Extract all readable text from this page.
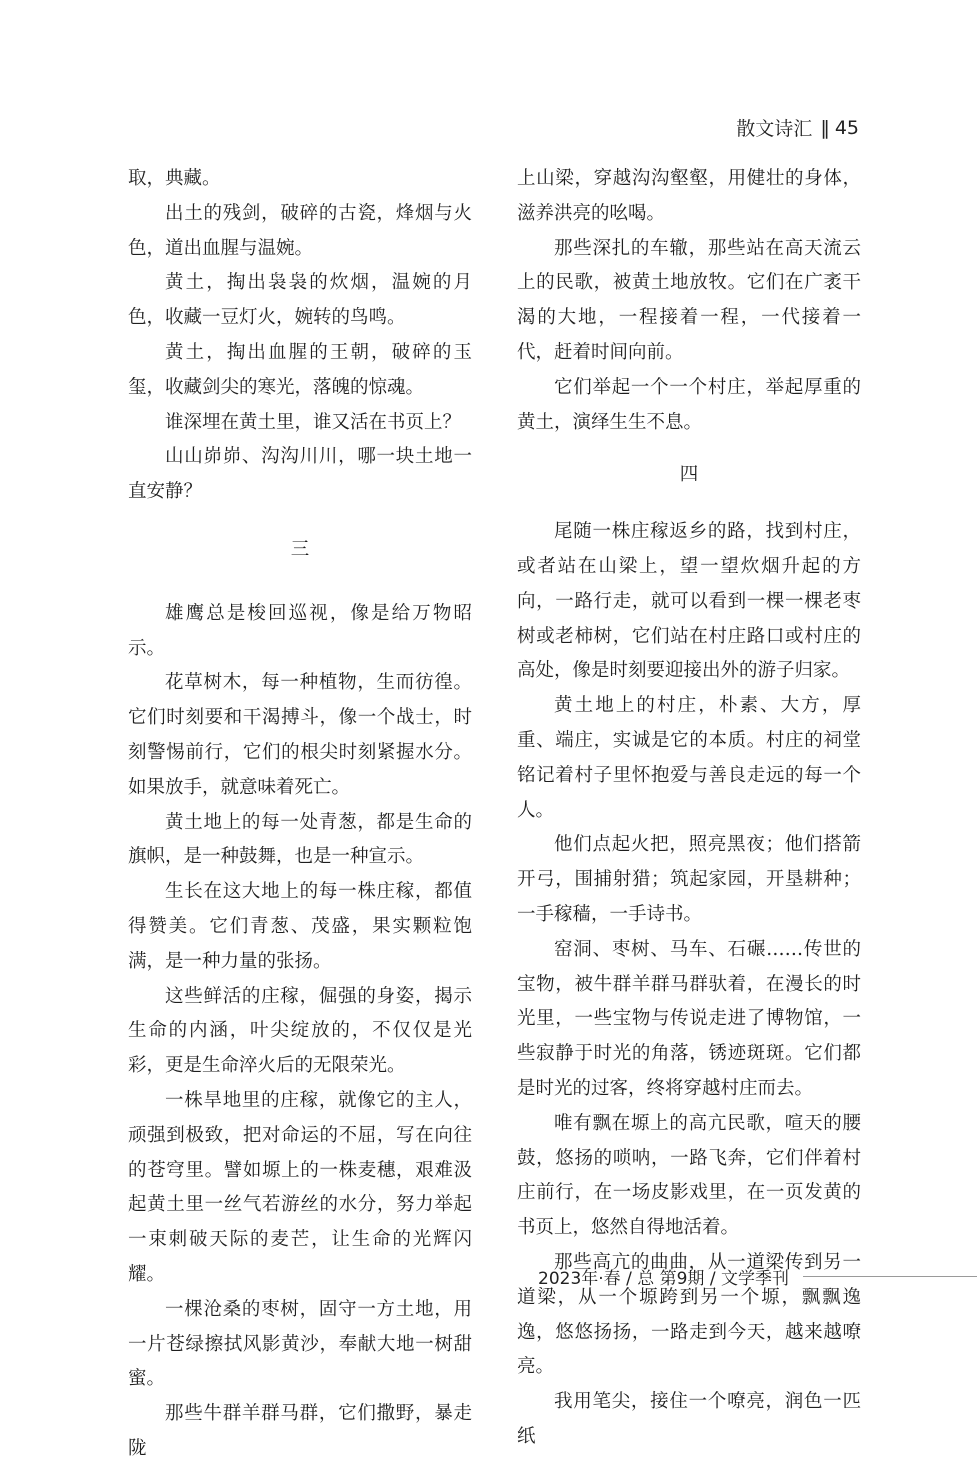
散文诗汇 ‖ 45

取，典藏。

出土的残剑，破碎的古瓷，烽烟与火色，道出血腥与温婉。

黄土，掏出袅袅的炊烟，温婉的月色，收藏一豆灯火，婉转的鸟鸣。

黄土，掏出血腥的王朝，破碎的玉玺，收藏剑尖的寒光，落魄的惊魂。

谁深埋在黄土里，谁又活在书页上？

山山峁峁、沟沟川川，哪一块土地一直安静？

三

雄鹰总是梭回巡视，像是给万物昭示。

花草树木，每一种植物，生而彷徨。它们时刻要和干渴搏斗，像一个战士，时刻警惕前行，它们的根尖时刻紧握水分。如果放手，就意味着死亡。

黄土地上的每一处青葱，都是生命的旗帜，是一种鼓舞，也是一种宣示。

生长在这大地上的每一株庄稼，都值得赞美。它们青葱、茂盛，果实颗粒饱满，是一种力量的张扬。

这些鲜活的庄稼，倔强的身姿，揭示生命的内涵，叶尖绽放的，不仅仅是光彩，更是生命淬火后的无限荣光。

一株旱地里的庄稼，就像它的主人，顽强到极致，把对命运的不屈，写在向往的苍穹里。譬如塬上的一株麦穗，艰难汲起黄土里一丝气若游丝的水分，努力举起一束刺破天际的麦芒，让生命的光辉闪耀。

一棵沧桑的枣树，固守一方土地，用一片苍绿擦拭风影黄沙，奉献大地一树甜蜜。

那些牛群羊群马群，它们撒野，暴走陇

上山梁，穿越沟沟壑壑，用健壮的身体，滋养洪亮的吆喝。

那些深扎的车辙，那些站在高天流云上的民歌，被黄土地放牧。它们在广袤干渴的大地，一程接着一程，一代接着一代，赶着时间向前。

它们举起一个一个村庄，举起厚重的黄土，演绎生生不息。

四

尾随一株庄稼返乡的路，找到村庄，或者站在山梁上，望一望炊烟升起的方向，一路行走，就可以看到一棵一棵老枣树或老柿树，它们站在村庄路口或村庄的高处，像是时刻要迎接出外的游子归家。

黄土地上的村庄，朴素、大方，厚重、端庄，实诚是它的本质。村庄的祠堂铭记着村子里怀抱爱与善良走远的每一个人。

他们点起火把，照亮黑夜；他们搭箭开弓，围捕射猎；筑起家园，开垦耕种；一手稼穑，一手诗书。

窑洞、枣树、马车、石碾……传世的宝物，被牛群羊群马群驮着，在漫长的时光里，一些宝物与传说走进了博物馆，一些寂静于时光的角落，锈迹斑斑。它们都是时光的过客，终将穿越村庄而去。

唯有飘在塬上的高亢民歌，喧天的腰鼓，悠扬的唢呐，一路飞奔，它们伴着村庄前行，在一场皮影戏里，在一页发黄的书页上，悠然自得地活着。

那些高亢的曲曲，从一道梁传到另一道梁，从一个塬跨到另一个塬，飘飘逸逸，悠悠扬扬，一路走到今天，越来越嘹亮。

我用笔尖，接住一个嘹亮，润色一匹纸

2023年·春 / 总 第9期 / 文学季刊
